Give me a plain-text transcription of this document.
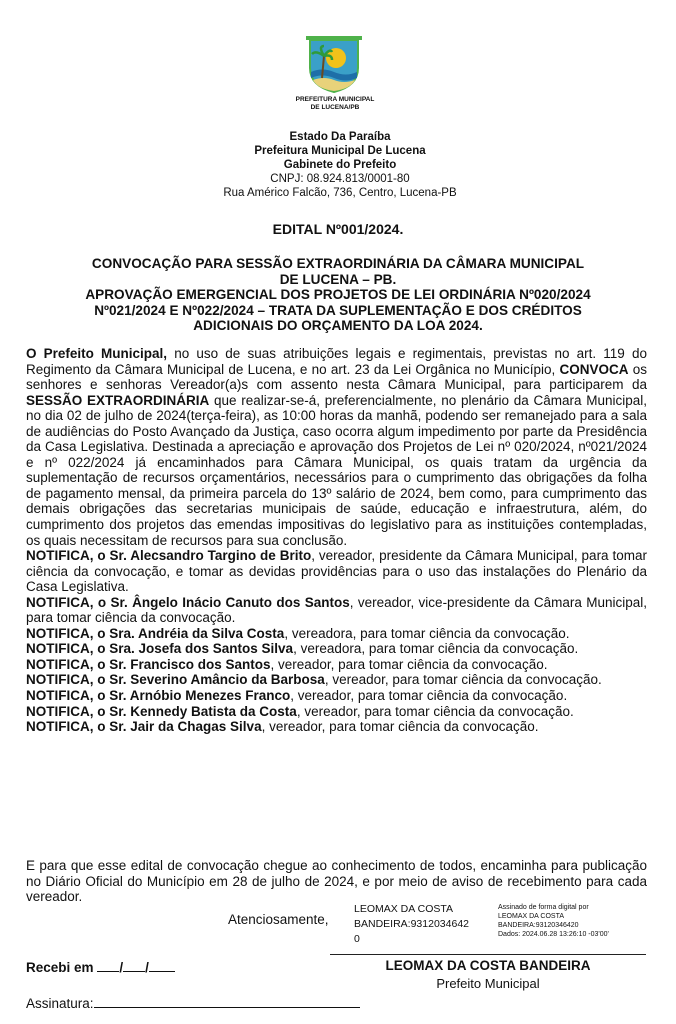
PREFEITURA MUNICIPAL
DE LUCENA/PB
Estado Da Paraíba
Prefeitura Municipal De Lucena
Gabinete do Prefeito
CNPJ: 08.924.813/0001-80
Rua Américo Falcão, 736, Centro, Lucena-PB
EDITAL Nº001/2024.
CONVOCAÇÃO PARA SESSÃO EXTRAORDINÁRIA DA CÂMARA MUNICIPAL
DE LUCENA – PB.
APROVAÇÃO EMERGENCIAL DOS PROJETOS DE LEI ORDINÁRIA Nº020/2024
Nº021/2024 E Nº022/2024 – TRATA DA SUPLEMENTAÇÃO E DOS CRÉDITOS
ADICIONAIS DO ORÇAMENTO DA LOA 2024.

O Prefeito Municipal, no uso de suas atribuições legais e regimentais, previstas no art. 119 do Regimento da Câmara Municipal de Lucena, e no art. 23 da Lei Orgânica no Município, CONVOCA os senhores e senhoras Vereador(a)s com assento nesta Câmara Municipal, para participarem da SESSÃO EXTRAORDINÁRIA que realizar-se-á, preferencialmente, no plenário da Câmara Municipal, no dia 02 de julho de 2024(terça-feira), as 10:00 horas da manhã, podendo ser remanejado para a sala de audiências do Posto Avançado da Justiça, caso ocorra algum impedimento por parte da Presidência da Casa Legislativa. Destinada a apreciação e aprovação dos Projetos de Lei nº 020/2024, nº021/2024 e nº 022/2024 já encaminhados para Câmara Municipal, os quais tratam da urgência da suplementação de recursos orçamentários, necessários para o cumprimento das obrigações da folha de pagamento mensal, da primeira parcela do 13º salário de 2024, bem como, para cumprimento das demais obrigações das secretarias municipais de saúde, educação e infraestrutura, além, do cumprimento dos projetos das emendas impositivas do legislativo para as instituições contempladas, os quais necessitam de recursos para sua conclusão.

NOTIFICA, o Sr. Alecsandro Targino de Brito, vereador, presidente da Câmara Municipal, para tomar ciência da convocação, e tomar as devidas providências para o uso das instalações do Plenário da Casa Legislativa.

NOTIFICA, o Sr. Ângelo Inácio Canuto dos Santos, vereador, vice-presidente da Câmara Municipal, para tomar ciência da convocação.

NOTIFICA, o Sra. Andréia da Silva Costa, vereadora, para tomar ciência da convocação.

NOTIFICA, o Sra. Josefa dos Santos Silva, vereadora, para tomar ciência da convocação.

NOTIFICA, o Sr. Francisco dos Santos, vereador, para tomar ciência da convocação.

NOTIFICA, o Sr. Severino Amâncio da Barbosa, vereador, para tomar ciência da convocação.

NOTIFICA, o Sr. Arnóbio Menezes Franco, vereador, para tomar ciência da convocação.

NOTIFICA, o Sr. Kennedy Batista da Costa, vereador, para tomar ciência da convocação.

NOTIFICA, o Sr. Jair da Chagas Silva, vereador, para tomar ciência da convocação.

E para que esse edital de convocação chegue ao conhecimento de todos, encaminha para publicação no Diário Oficial do Município em 28 de julho de 2024, e por meio de aviso de recebimento para cada vereador.
Atenciosamente,
LEOMAX DA COSTA
BANDEIRA:9312034642
0
Assinado de forma digital por
LEOMAX DA COSTA
BANDEIRA:93120346420
Dados: 2024.06.28 13:26:10 -03'00'
Recebi em / /	LEOMAX DA COSTA BANDEIRA
Prefeito Municipal
Assinatura:
